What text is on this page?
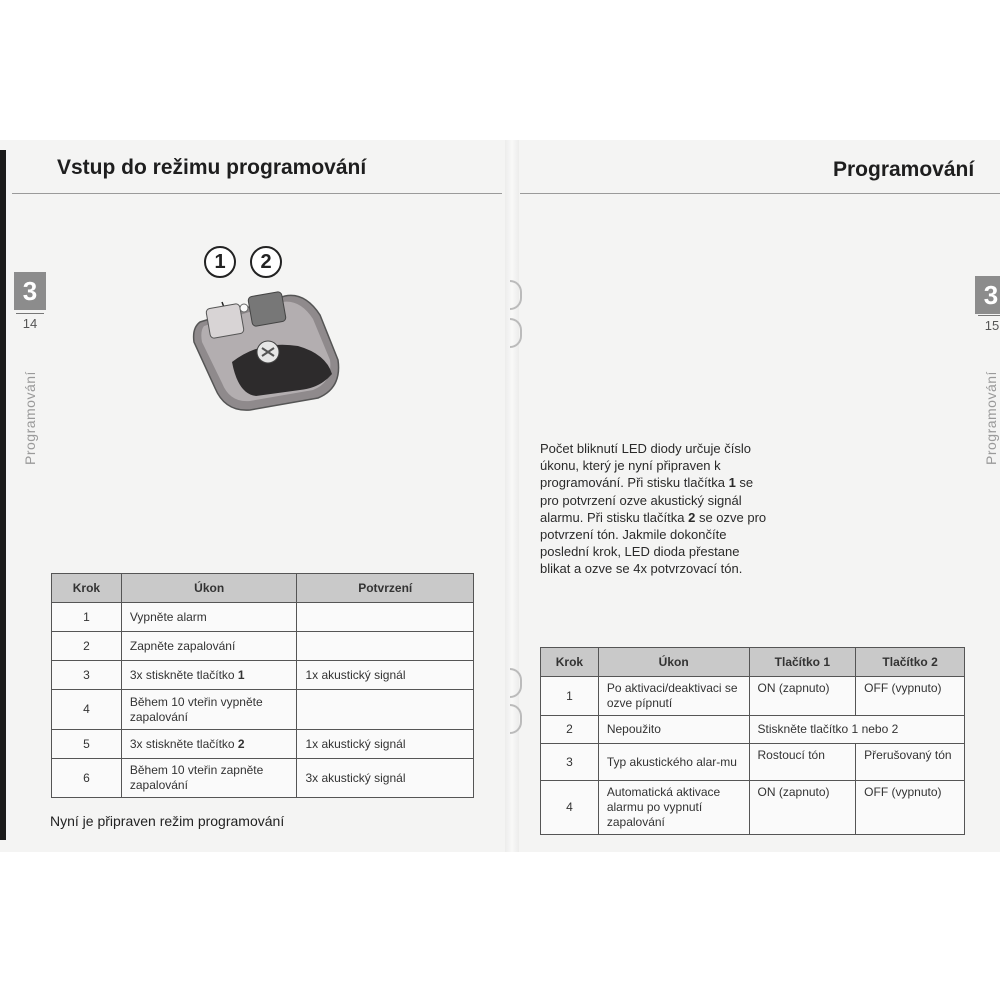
Vstup do režimu programování
3
14
Programování
1	2
Krok	Úkon	Potvrzení
1	Vypněte alarm	
2	Zapněte zapalování	
3	3x stiskněte tlačítko 1	1x akustický signál
4	Během 10 vteřin vypněte zapalování	
5	3x stiskněte tlačítko 2	1x akustický signál
6	Během 10 vteřin zapněte zapalování	3x akustický signál
Nyní je připraven režim programování
Programování
3
15
Programování
Počet bliknutí LED diody určuje číslo úkonu, který je nyní připraven k programování. Při stisku tlačítka 1 se pro potvrzení ozve akustický signál alarmu. Při stisku tlačítka 2 se ozve pro potvrzení tón. Jakmile dokončíte poslední krok, LED dioda přestane blikat a ozve se 4x potvrzovací tón.
Krok	Úkon	Tlačítko 1	Tlačítko 2
1	Po aktivaci/deaktivaci se ozve pípnutí	ON (zapnuto)	OFF (vypnuto)
2	Nepoužito	Stiskněte tlačítko 1 nebo 2	
3	Typ akustického alar-mu	Rostoucí tón	Přerušovaný tón
4	Automatická aktivace alarmu po vypnutí zapalování	ON (zapnuto)	OFF (vypnuto)
